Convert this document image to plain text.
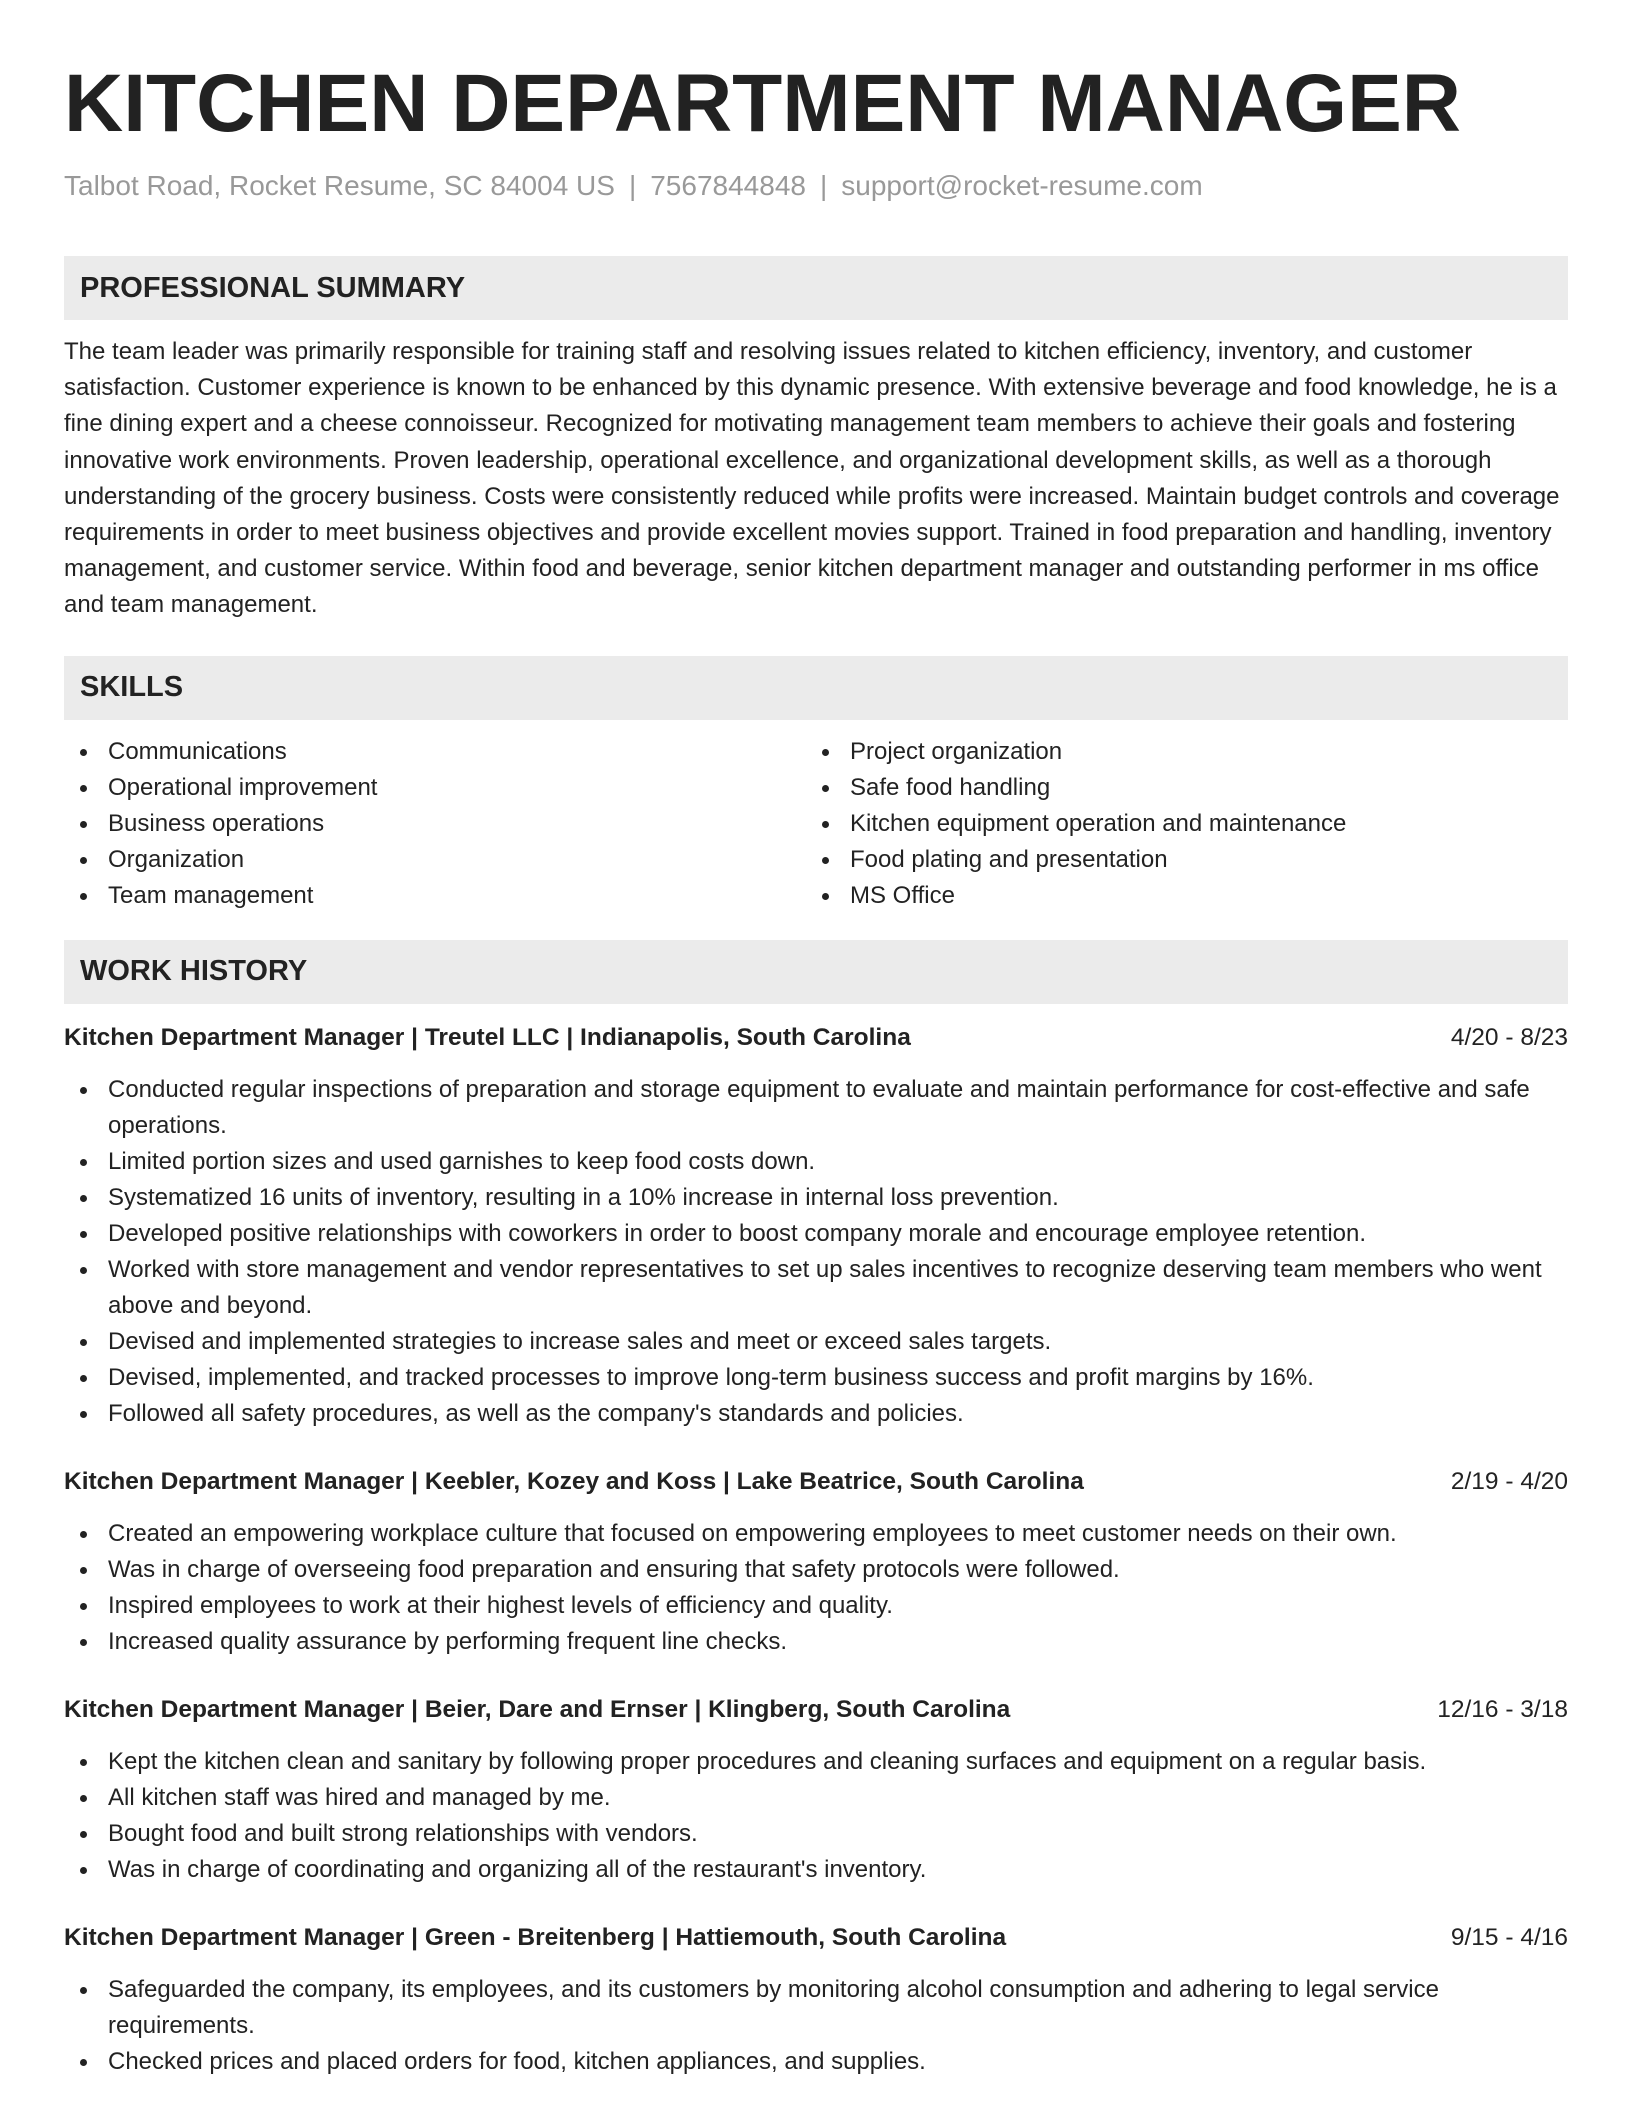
KITCHEN DEPARTMENT MANAGER
Talbot Road, Rocket Resume, SC 84004 US | 7567844848 | support@rocket-resume.com
PROFESSIONAL SUMMARY

The team leader was primarily responsible for training staff and resolving issues related to kitchen efficiency, inventory, and customer satisfaction. Customer experience is known to be enhanced by this dynamic presence. With extensive beverage and food knowledge, he is a fine dining expert and a cheese connoisseur. Recognized for motivating management team members to achieve their goals and fostering innovative work environments. Proven leadership, operational excellence, and organizational development skills, as well as a thorough understanding of the grocery business. Costs were consistently reduced while profits were increased. Maintain budget controls and coverage requirements in order to meet business objectives and provide excellent movies support. Trained in food preparation and handling, inventory management, and customer service. Within food and beverage, senior kitchen department manager and outstanding performer in ms office and team management.

SKILLS
Communications
Operational improvement
Business operations
Organization
Team management
Project organization
Safe food handling
Kitchen equipment operation and maintenance
Food plating and presentation
MS Office
WORK HISTORY
Kitchen Department Manager | Treutel LLC | Indianapolis, South Carolina	4/20 - 8/23
Conducted regular inspections of preparation and storage equipment to evaluate and maintain performance for cost-effective and safe operations.
Limited portion sizes and used garnishes to keep food costs down.
Systematized 16 units of inventory, resulting in a 10% increase in internal loss prevention.
Developed positive relationships with coworkers in order to boost company morale and encourage employee retention.
Worked with store management and vendor representatives to set up sales incentives to recognize deserving team members who went above and beyond.
Devised and implemented strategies to increase sales and meet or exceed sales targets.
Devised, implemented, and tracked processes to improve long-term business success and profit margins by 16%.
Followed all safety procedures, as well as the company's standards and policies.
Kitchen Department Manager | Keebler, Kozey and Koss | Lake Beatrice, South Carolina	2/19 - 4/20
Created an empowering workplace culture that focused on empowering employees to meet customer needs on their own.
Was in charge of overseeing food preparation and ensuring that safety protocols were followed.
Inspired employees to work at their highest levels of efficiency and quality.
Increased quality assurance by performing frequent line checks.
Kitchen Department Manager | Beier, Dare and Ernser | Klingberg, South Carolina	12/16 - 3/18
Kept the kitchen clean and sanitary by following proper procedures and cleaning surfaces and equipment on a regular basis.
All kitchen staff was hired and managed by me.
Bought food and built strong relationships with vendors.
Was in charge of coordinating and organizing all of the restaurant's inventory.
Kitchen Department Manager | Green - Breitenberg | Hattiemouth, South Carolina	9/15 - 4/16
Safeguarded the company, its employees, and its customers by monitoring alcohol consumption and adhering to legal service requirements.
Checked prices and placed orders for food, kitchen appliances, and supplies.
